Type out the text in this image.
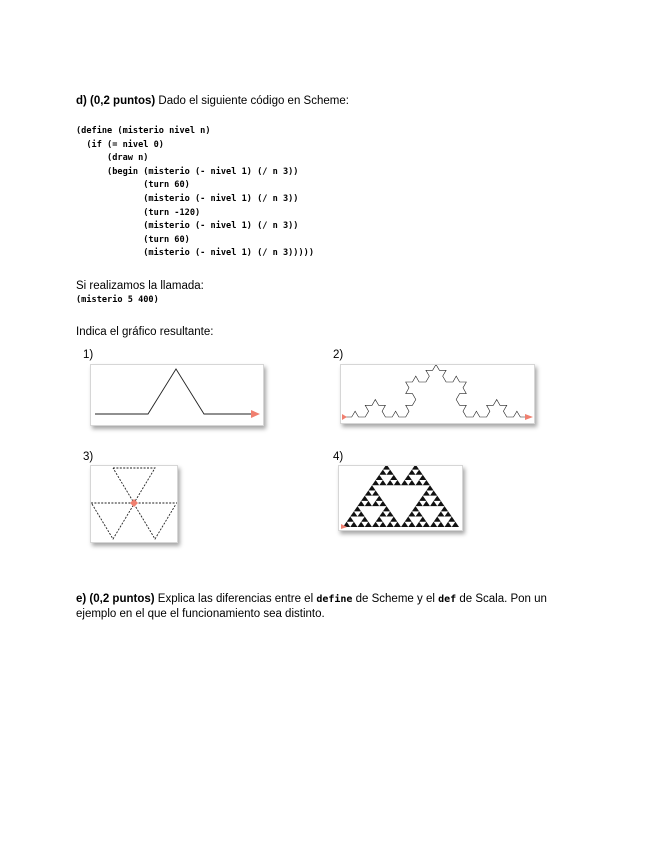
d) (0,2 puntos) Dado el siguiente código en Scheme:
(define (misterio nivel n)
(if (= nivel 0)
(draw n)
(begin (misterio (- nivel 1) (/ n 3))
(turn 60)
(misterio (- nivel 1) (/ n 3))
(turn -120)
(misterio (- nivel 1) (/ n 3))
(turn 60)
(misterio (- nivel 1) (/ n 3)))))
Si realizamos la llamada:
(misterio 5 400)
Indica el gráfico resultante:
1)	2)
3)	4)
e) (0,2 puntos) Explica las diferencias entre el define de Scheme y el def de Scala. Pon un
ejemplo en el que el funcionamiento sea distinto.
